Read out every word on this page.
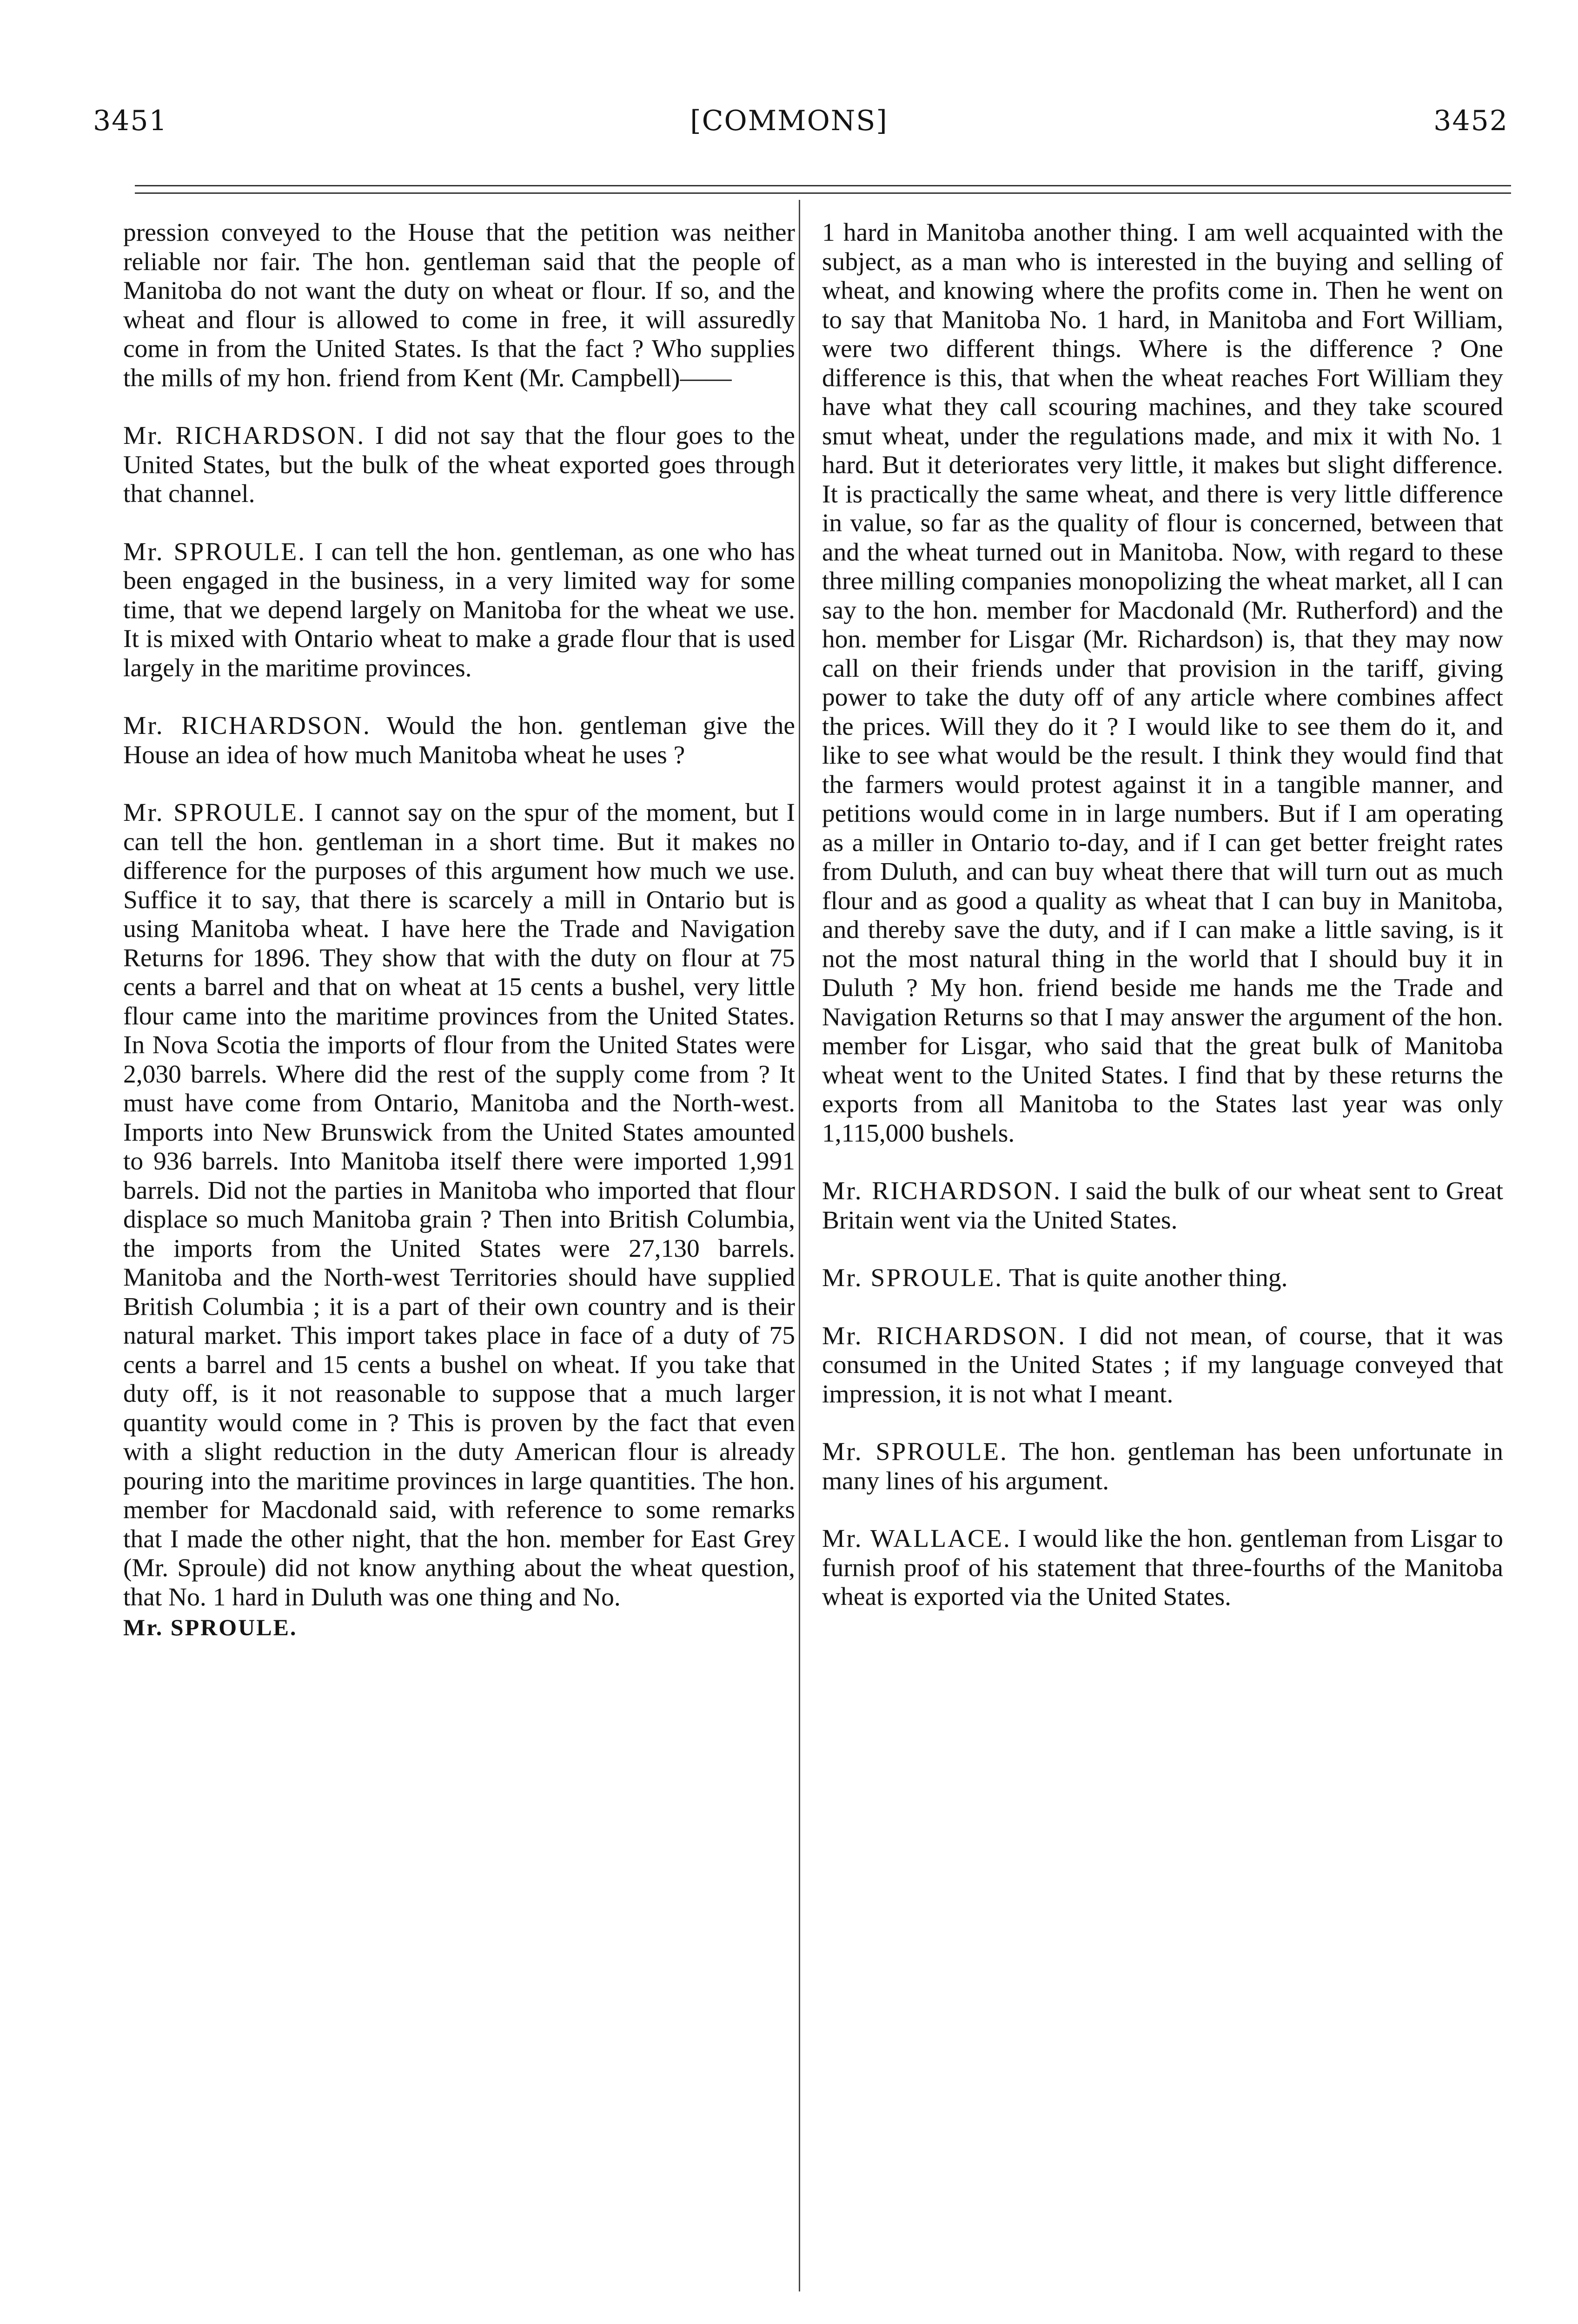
3451	[COMMONS]	3452

pression conveyed to the House that the petition was neither reliable nor fair. The hon. gentleman said that the people of Manitoba do not want the duty on wheat or flour. If so, and the wheat and flour is allowed to come in free, it will assuredly come in from the United States. Is that the fact ? Who supplies the mills of my hon. friend from Kent (Mr. Campbell)——

Mr. RICHARDSON. I did not say that the flour goes to the United States, but the bulk of the wheat exported goes through that channel.

Mr. SPROULE. I can tell the hon. gentleman, as one who has been engaged in the business, in a very limited way for some time, that we depend largely on Manitoba for the wheat we use. It is mixed with Ontario wheat to make a grade flour that is used largely in the maritime provinces.

Mr. RICHARDSON. Would the hon. gentleman give the House an idea of how much Manitoba wheat he uses ?

Mr. SPROULE. I cannot say on the spur of the moment, but I can tell the hon. gentleman in a short time. But it makes no difference for the purposes of this argument how much we use. Suffice it to say, that there is scarcely a mill in Ontario but is using Manitoba wheat. I have here the Trade and Navigation Returns for 1896. They show that with the duty on flour at 75 cents a barrel and that on wheat at 15 cents a bushel, very little flour came into the maritime provinces from the United States. In Nova Scotia the imports of flour from the United States were 2,030 barrels. Where did the rest of the supply come from ? It must have come from Ontario, Manitoba and the North-west. Imports into New Brunswick from the United States amounted to 936 barrels. Into Manitoba itself there were imported 1,991 barrels. Did not the parties in Manitoba who imported that flour displace so much Manitoba grain ? Then into British Columbia, the imports from the United States were 27,130 barrels. Manitoba and the North-west Territories should have supplied British Columbia ; it is a part of their own country and is their natural market. This import takes place in face of a duty of 75 cents a barrel and 15 cents a bushel on wheat. If you take that duty off, is it not reasonable to suppose that a much larger quantity would come in ? This is proven by the fact that even with a slight reduction in the duty American flour is already pouring into the maritime provinces in large quantities. The hon. member for Macdonald said, with reference to some remarks that I made the other night, that the hon. member for East Grey (Mr. Sproule) did not know anything about the wheat question, that No. 1 hard in Duluth was one thing and No.

Mr. SPROULE.

1 hard in Manitoba another thing. I am well acquainted with the subject, as a man who is interested in the buying and selling of wheat, and knowing where the profits come in. Then he went on to say that Manitoba No. 1 hard, in Manitoba and Fort William, were two different things. Where is the difference ? One difference is this, that when the wheat reaches Fort William they have what they call scouring machines, and they take scoured smut wheat, under the regulations made, and mix it with No. 1 hard. But it deteriorates very little, it makes but slight difference. It is practically the same wheat, and there is very little difference in value, so far as the quality of flour is concerned, between that and the wheat turned out in Manitoba. Now, with regard to these three milling companies monopolizing the wheat market, all I can say to the hon. member for Macdonald (Mr. Rutherford) and the hon. member for Lisgar (Mr. Richardson) is, that they may now call on their friends under that provision in the tariff, giving power to take the duty off of any article where combines affect the prices. Will they do it ? I would like to see them do it, and like to see what would be the result. I think they would find that the farmers would protest against it in a tangible manner, and petitions would come in in large numbers. But if I am operating as a miller in Ontario to-day, and if I can get better freight rates from Duluth, and can buy wheat there that will turn out as much flour and as good a quality as wheat that I can buy in Manitoba, and thereby save the duty, and if I can make a little saving, is it not the most natural thing in the world that I should buy it in Duluth ? My hon. friend beside me hands me the Trade and Navigation Returns so that I may answer the argument of the hon. member for Lisgar, who said that the great bulk of Manitoba wheat went to the United States. I find that by these returns the exports from all Manitoba to the States last year was only 1,115,000 bushels.

Mr. RICHARDSON. I said the bulk of our wheat sent to Great Britain went via the United States.

Mr. SPROULE. That is quite another thing.

Mr. RICHARDSON. I did not mean, of course, that it was consumed in the United States ; if my language conveyed that impression, it is not what I meant.

Mr. SPROULE. The hon. gentleman has been unfortunate in many lines of his argument.

Mr. WALLACE. I would like the hon. gentleman from Lisgar to furnish proof of his statement that three-fourths of the Manitoba wheat is exported via the United States.
